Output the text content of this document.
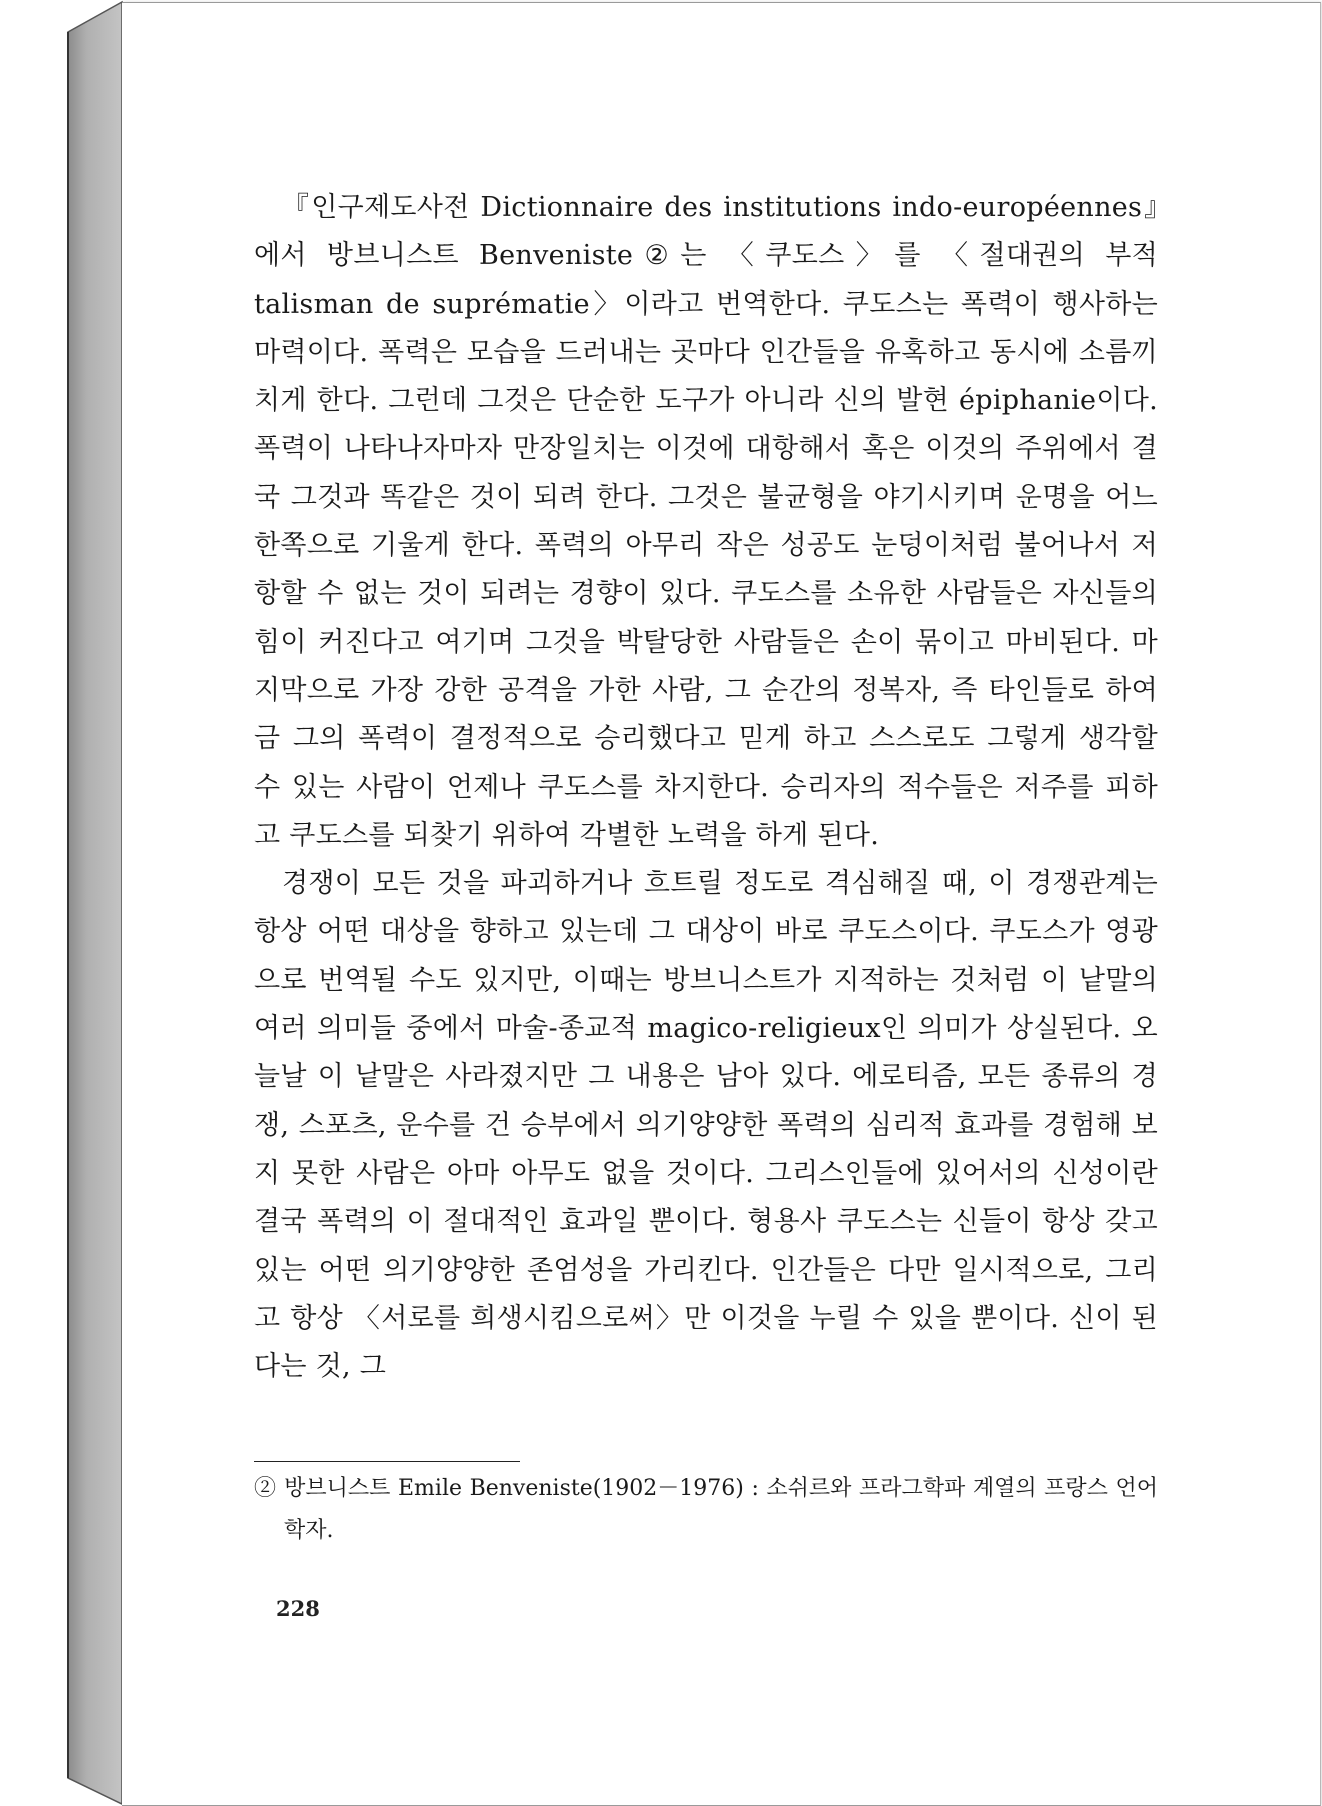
『인구제도사전 Dictionnaire des institutions indo-européennes』에서 방브니스트 Benveniste②는 〈쿠도스〉를 〈절대권의 부적 talisman de suprématie〉이라고 번역한다. 쿠도스는 폭력이 행사하는 마력이다. 폭력은 모습을 드러내는 곳마다 인간들을 유혹하고 동시에 소름끼치게 한다. 그런데 그것은 단순한 도구가 아니라 신의 발현 épiphanie이다. 폭력이 나타나자마자 만장일치는 이것에 대항해서 혹은 이것의 주위에서 결국 그것과 똑같은 것이 되려 한다. 그것은 불균형을 야기시키며 운명을 어느 한쪽으로 기울게 한다. 폭력의 아무리 작은 성공도 눈덩이처럼 불어나서 저항할 수 없는 것이 되려는 경향이 있다. 쿠도스를 소유한 사람들은 자신들의 힘이 커진다고 여기며 그것을 박탈당한 사람들은 손이 묶이고 마비된다. 마지막으로 가장 강한 공격을 가한 사람, 그 순간의 정복자, 즉 타인들로 하여금 그의 폭력이 결정적으로 승리했다고 믿게 하고 스스로도 그렇게 생각할 수 있는 사람이 언제나 쿠도스를 차지한다. 승리자의 적수들은 저주를 피하고 쿠도스를 되찾기 위하여 각별한 노력을 하게 된다.

경쟁이 모든 것을 파괴하거나 흐트릴 정도로 격심해질 때, 이 경쟁관계는 항상 어떤 대상을 향하고 있는데 그 대상이 바로 쿠도스이다. 쿠도스가 영광으로 번역될 수도 있지만, 이때는 방브니스트가 지적하는 것처럼 이 낱말의 여러 의미들 중에서 마술-종교적 magico-religieux인 의미가 상실된다. 오늘날 이 낱말은 사라졌지만 그 내용은 남아 있다. 에로티즘, 모든 종류의 경쟁, 스포츠, 운수를 건 승부에서 의기양양한 폭력의 심리적 효과를 경험해 보지 못한 사람은 아마 아무도 없을 것이다. 그리스인들에 있어서의 신성이란 결국 폭력의 이 절대적인 효과일 뿐이다. 형용사 쿠도스는 신들이 항상 갖고 있는 어떤 의기양양한 존엄성을 가리킨다. 인간들은 다만 일시적으로, 그리고 항상 〈서로를 희생시킴으로써〉만 이것을 누릴 수 있을 뿐이다. 신이 된다는 것, 그

② 방브니스트 Emile Benveniste(1902－1976) : 소쉬르와 프라그학파 계열의 프랑스 언어학자.
228
